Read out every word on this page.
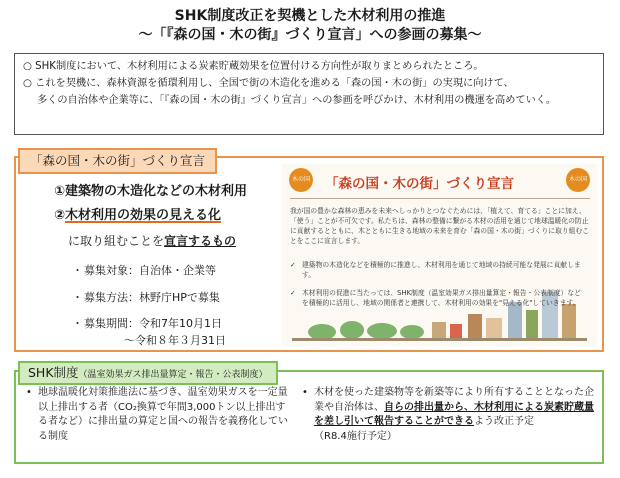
SHK制度改正を契機とした木材利用の推進
～「『森の国・木の街』づくり宣言」への参画の募集～
○ SHK制度において、木材利用による炭素貯蔵効果を位置付ける方向性が取りまとめられたところ。
○ これを契機に、森林資源を循環利用し、全国で街の木造化を進める「森の国・木の街」の実現に向けて、
多くの自治体や企業等に、「『森の国・木の街』づくり宣言」への参画を呼びかけ、木材利用の機運を高めていく。
「森の国・木の街」づくり宣言
①建築物の木造化などの木材利用
②木材利用の効果の見える化
に取り組むことを宣言するもの
・募集対象：自治体・企業等
・募集方法：林野庁HPで募集
・募集期間：令和7年10月1日
～令和８年３月31日
木の国	木の国
「森の国・木の街」づくり宣言
我が国の豊かな森林の恵みを未来へしっかりとつなぐためには、「植えて、育てる」ことに加え、「使う」ことが不可欠です。私たちは、森林の整備に繋がる木材の活用を通じて地球温暖化の防止に貢献するとともに、木とともに生きる地域の未来を育む「森の国・木の街」づくりに取り組むことをここに宣言します。
✓ 建築物の木造化などを積極的に推進し、木材利用を通じて地域の持続可能な発展に貢献します。
✓ 木材利用の促進に当たっては、SHK制度（温室効果ガス排出量算定・報告・公表制度）などを積極的に活用し、地域の関係者と連携して、木材利用の効果を"見える化"していきます。
SHK制度（温室効果ガス排出量算定・報告・公表制度）
• 地球温暖化対策推進法に基づき、温室効果ガスを一定量以上排出する者（CO₂換算で年間3,000トン以上排出する者など）に排出量の算定と国への報告を義務化している制度
• 木材を使った建築物等を新築等により所有することとなった企業や自治体は、自らの排出量から、木材利用による炭素貯蔵量を差し引いて報告することができるよう改正予定
（R8.4施行予定）
